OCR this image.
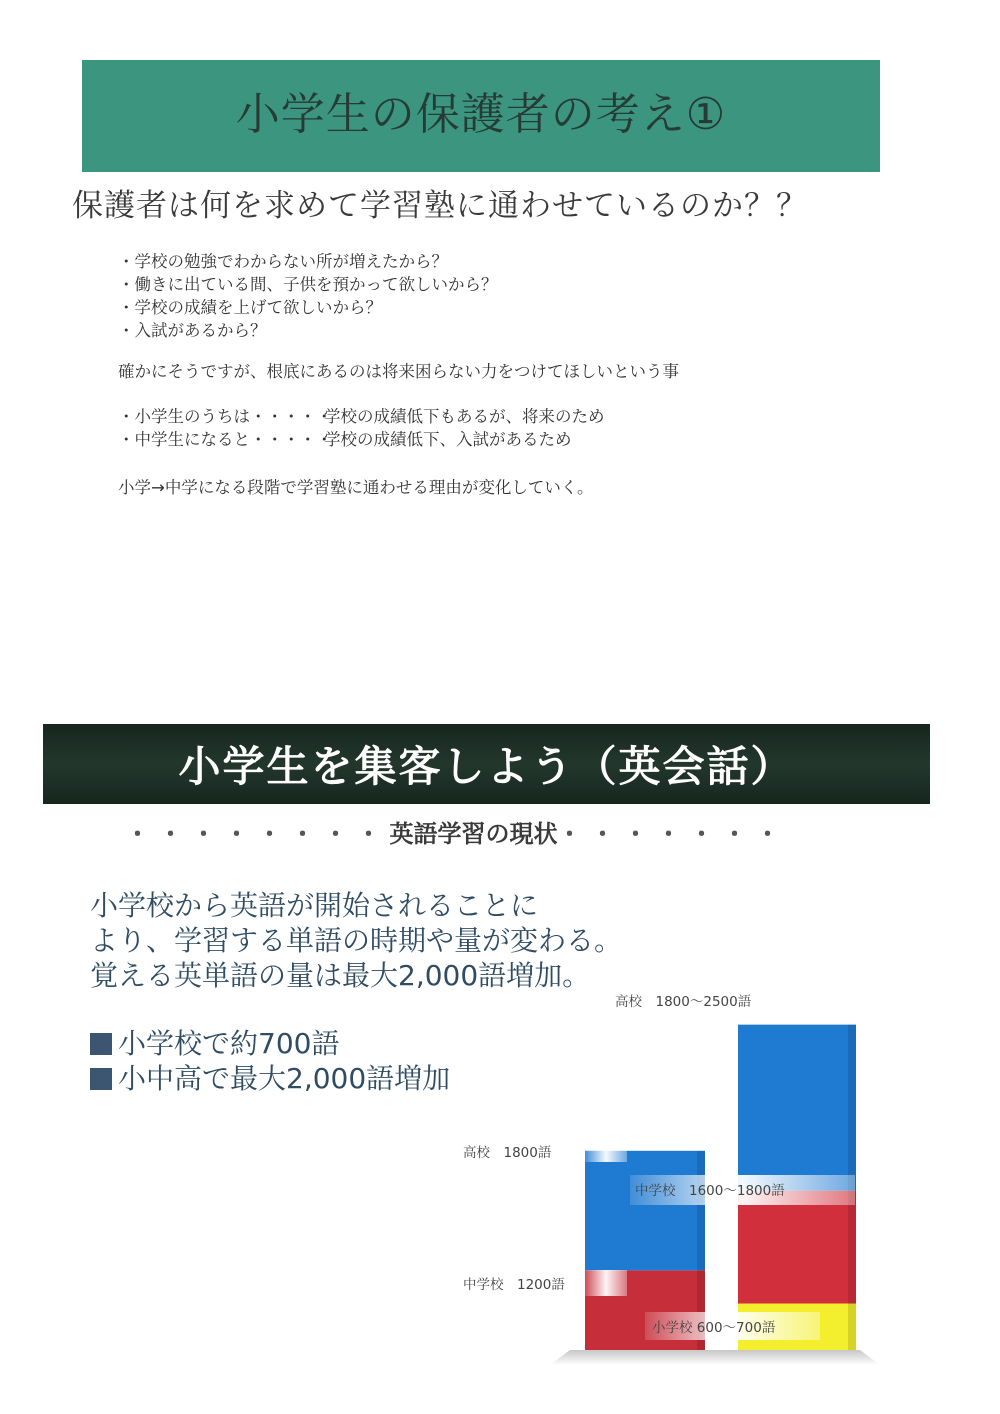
小学生の保護者の考え①
保護者は何を求めて学習塾に通わせているのか？？
・学校の勉強でわからない所が増えたから？
・働きに出ている間、子供を預かって欲しいから？
・学校の成績を上げて欲しいから？
・入試があるから？
確かにそうですが、根底にあるのは将来困らない力をつけてほしいという事
・小学生のうちは・・・・・学校の成績低下もあるが、将来のため
・中学生になると・・・・・学校の成績低下、入試があるため
小学→中学になる段階で学習塾に通わせる理由が変化していく。
小学生を集客しよう（英会話）
・・・・・・・・英語学習の現状・・・・・・・
小学校から英語が開始されることに
より、学習する単語の時期や量が変わる。
覚える英単語の量は最大2,000語増加。
小学校で約700語
小中高で最大2,000語増加
高校　1800語
中学校　1200語
高校　1800〜2500語
中学校　1600〜1800語
小学校 600〜700語
